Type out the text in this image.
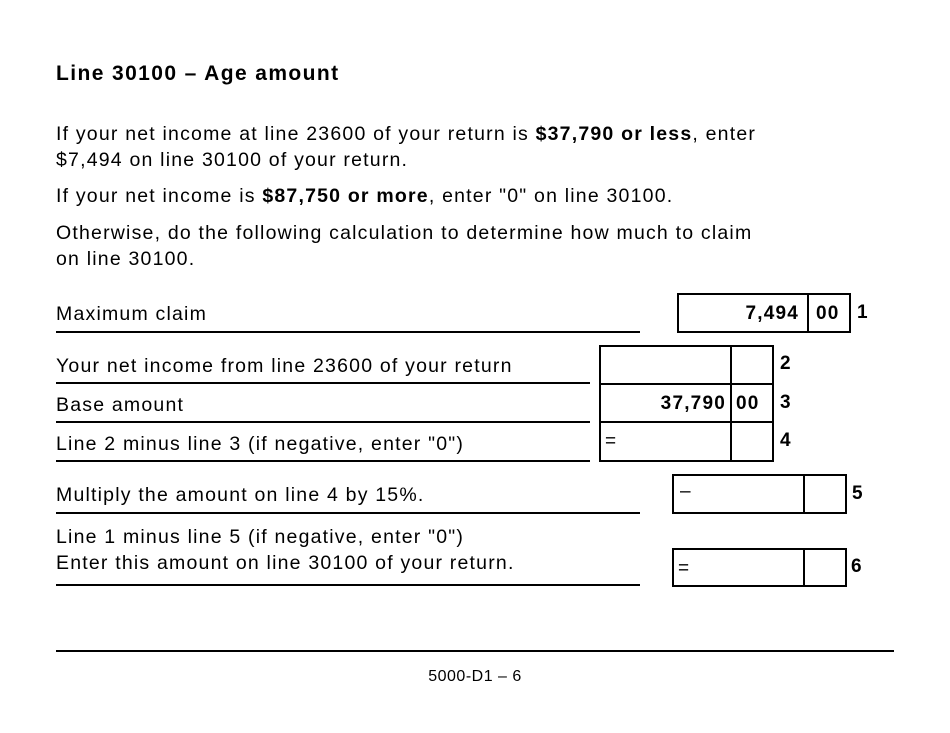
Line 30100 – Age amount
If your net income at line 23600 of your return is $37,790 or less, enter
$7,494 on line 30100 of your return.
If your net income is $87,750 or more, enter "0" on line 30100.
Otherwise, do the following calculation to determine how much to claim
on line 30100.
Maximum claim	7,494 00 1
Your net income from line 23600 of your return	2
Base amount	37,790 00 3
Line 2 minus line 3 (if negative, enter "0")	=	4
Multiply the amount on line 4 by 15%.	–	5
Line 1 minus line 5 (if negative, enter "0")
Enter this amount on line 30100 of your return.	=	6
5000-D1 – 6
